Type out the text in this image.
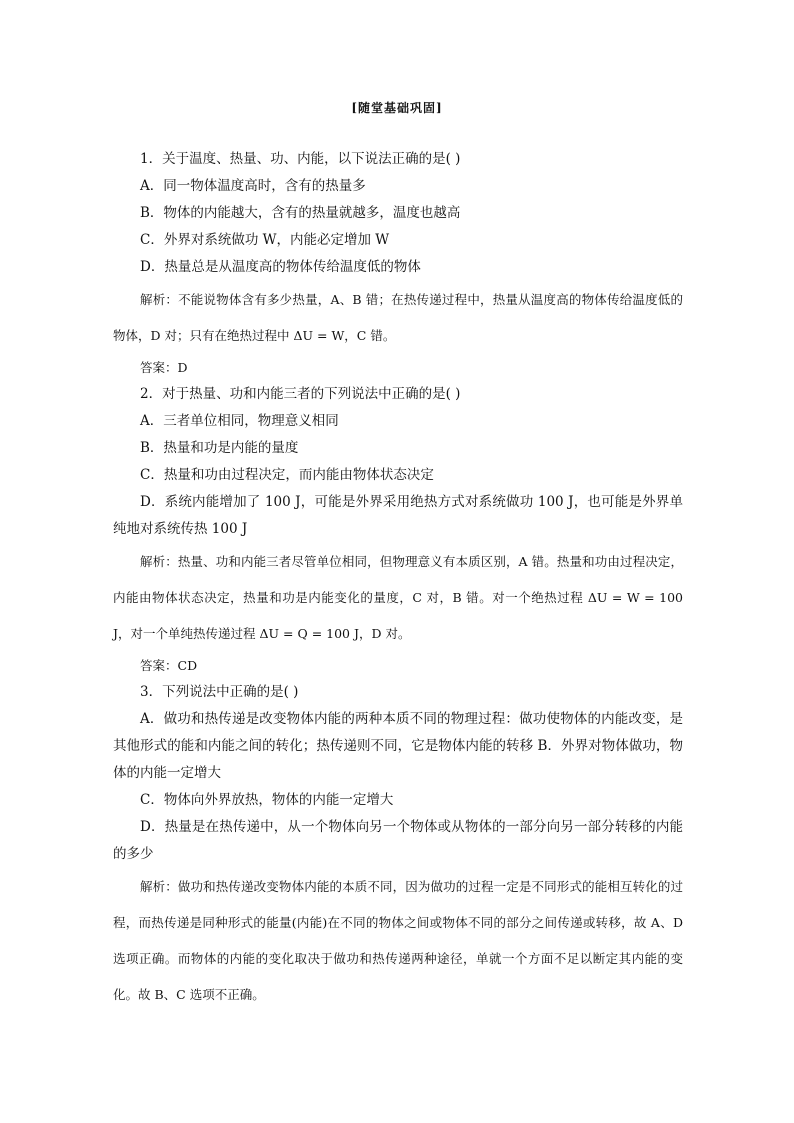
[随堂基础巩固]
1．关于温度、热量、功、内能，以下说法正确的是( )
A．同一物体温度高时，含有的热量多
B．物体的内能越大，含有的热量就越多，温度也越高
C．外界对系统做功 W，内能必定增加 W
D．热量总是从温度高的物体传给温度低的物体

解析：不能说物体含有多少热量，A、B 错；在热传递过程中，热量从温度高的物体传给温度低的物体，D 对；只有在绝热过程中 ΔU = W，C 错。

答案：D
2．对于热量、功和内能三者的下列说法中正确的是( )
A．三者单位相同，物理意义相同
B．热量和功是内能的量度
C．热量和功由过程决定，而内能由物体状态决定

D．系统内能增加了 100 J，可能是外界采用绝热方式对系统做功 100 J，也可能是外界单纯地对系统传热 100 J

解析：热量、功和内能三者尽管单位相同，但物理意义有本质区别，A 错。热量和功由过程决定，内能由物体状态决定，热量和功是内能变化的量度，C 对，B 错。对一个绝热过程 ΔU = W = 100 J，对一个单纯热传递过程 ΔU = Q = 100 J，D 对。

答案：CD
3．下列说法中正确的是( )

A．做功和热传递是改变物体内能的两种本质不同的物理过程：做功使物体的内能改变，是其他形式的能和内能之间的转化；热传递则不同，它是物体内能的转移 B．外界对物体做功，物体的内能一定增大

C．物体向外界放热，物体的内能一定增大

D．热量是在热传递中，从一个物体向另一个物体或从物体的一部分向另一部分转移的内能的多少

解析：做功和热传递改变物体内能的本质不同，因为做功的过程一定是不同形式的能相互转化的过程，而热传递是同种形式的能量(内能)在不同的物体之间或物体不同的部分之间传递或转移，故 A、D 选项正确。而物体的内能的变化取决于做功和热传递两种途径，单就一个方面不足以断定其内能的变化。故 B、C 选项不正确。
